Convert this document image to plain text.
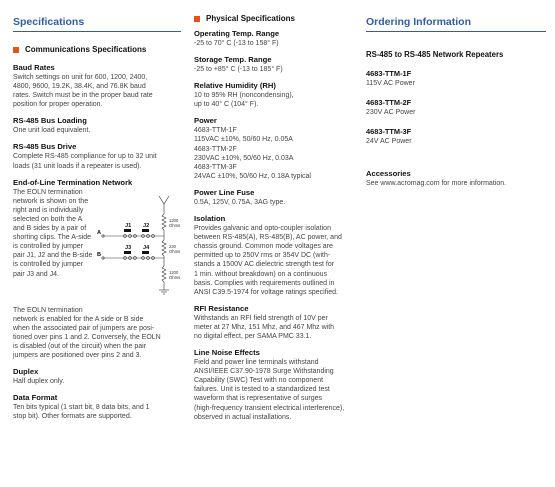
Specifications
Communications Specifications
Baud Rates
Switch settings on unit for 600, 1200, 2400,
4800, 9600, 19.2K, 38.4K, and 76.8K baud
rates. Switch must be in the proper baud rate
position for proper operation.
RS-485 Bus Loading
One unit load equivalent.
RS-485 Bus Drive
Complete RS-485 compliance for up to 32 unit
loads (31 unit loads if a repeater is used).
End-of-Line Termination Network
The EOLN termination
network is shown on the
right and is individually
selected on both the A
and B sides by a pair of
shorting clips. The A-side
is controlled by jumper
pair J1, J2 and the B-side
is controlled by jumper
pair J3 and J4.
J1 J2
J3 J4
A
B
1200
Ohms
220
Ohms
1200
Ohms
The EOLN termination
network is enabled for the A side or B side
when the associated pair of jumpers are posi-
tioned over pins 1 and 2. Conversely, the EOLN
is disabled (out of the circuit) when the pair
jumpers are positioned over pins 2 and 3.
Duplex
Half duplex only.
Data Format
Ten bits typical (1 start bit, 8 data bits, and 1
stop bit). Other formats are supported.
Physical Specifications
Operating Temp. Range
-25 to 70° C (-13 to 158° F)
Storage Temp. Range
-25 to +85° C (-13 to 185° F)
Relative Humidity (RH)
10 to 95% RH (noncondensing),
up to 40° C (104° F).
Power
4683-TTM-1F
115VAC ±10%, 50/60 Hz, 0.05A
4683-TTM-2F
230VAC ±10%, 50/60 Hz, 0.03A
4683-TTM-3F
24VAC ±10%, 50/60 Hz, 0.18A typical
Power Line Fuse
0.5A, 125V, 0.75A, 3AG type.
Isolation
Provides galvanic and opto-coupler isolation
between RS-485(A), RS-485(B), AC power, and
chassis ground. Common mode voltages are
permitted up to 250V rms or 354V DC (with-
stands a 1500V AC dielectric strength test for
1 min. without breakdown) on a continuous
basis. Complies with requirements outlined in
ANSI C39.5-1974 for voltage ratings specified.
RFI Resistance
Withstands an RFI field strength of 10V per
meter at 27 Mhz, 151 Mhz, and 467 Mhz with
no digital effect, per SAMA PMC 33.1.
Line Noise Effects
Field and power line terminals withstand
ANSI/IEEE C37.90-1978 Surge Withstanding
Capability (SWC) Test with no component
failures. Unit is tested to a standardized test
waveform that is representative of surges
(high-frequency transient electrical interference),
observed in actual installations.
Ordering Information
RS-485 to RS-485 Network Repeaters
4683-TTM-1F
115V AC Power
4683-TTM-2F
230V AC Power
4683-TTM-3F
24V AC Power
Accessories
See www.acromag.com for more information.
